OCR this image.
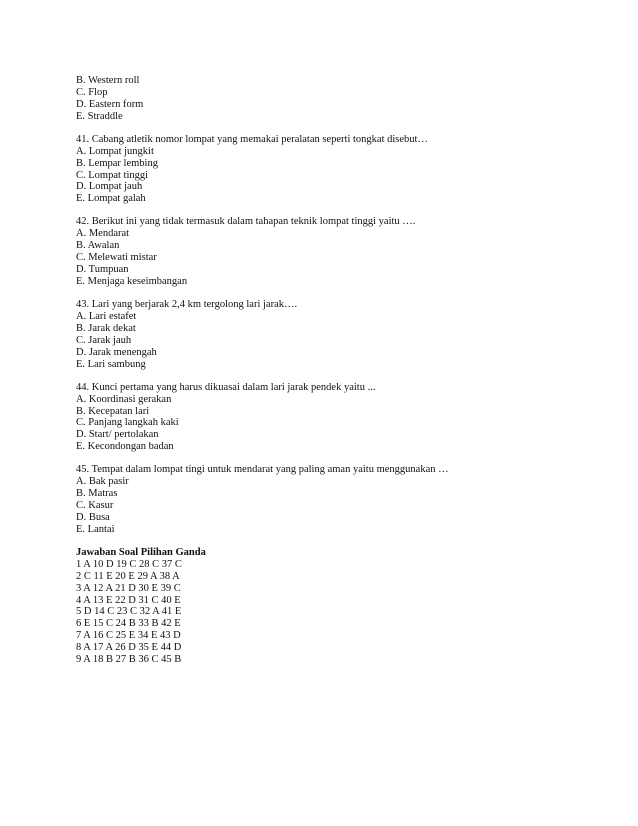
B. Western roll
C. Flop
D. Eastern form
E. Straddle
41. Cabang atletik nomor lompat yang memakai peralatan seperti tongkat disebut…
A. Lompat jungkit
B. Lempar lembing
C. Lompat tinggi
D. Lompat jauh
E. Lompat galah
42. Berikut ini yang tidak termasuk dalam tahapan teknik lompat tinggi yaitu ….
A. Mendarat
B. Awalan
C. Melewati mistar
D. Tumpuan
E. Menjaga keseimbangan
43. Lari yang berjarak 2,4 km tergolong lari jarak….
A. Lari estafet
B. Jarak dekat
C. Jarak jauh
D. Jarak menengah
E. Lari sambung
44. Kunci pertama yang harus dikuasai dalam lari jarak pendek yaitu ...
A. Koordinasi gerakan
B. Kecepatan lari
C. Panjang langkah kaki
D. Start/ pertolakan
E. Kecondongan badan
45. Tempat dalam lompat tingi untuk mendarat yang paling aman yaitu menggunakan …
A. Bak pasir
B. Matras
C. Kasur
D. Busa
E. Lantai
Jawaban Soal Pilihan Ganda
1 A 10 D 19 C 28 C 37 C
2 C 11 E 20 E 29 A 38 A
3 A 12 A 21 D 30 E 39 C
4 A 13 E 22 D 31 C 40 E
5 D 14 C 23 C 32 A 41 E
6 E 15 C 24 B 33 B 42 E
7 A 16 C 25 E 34 E 43 D
8 A 17 A 26 D 35 E 44 D
9 A 18 B 27 B 36 C 45 B
